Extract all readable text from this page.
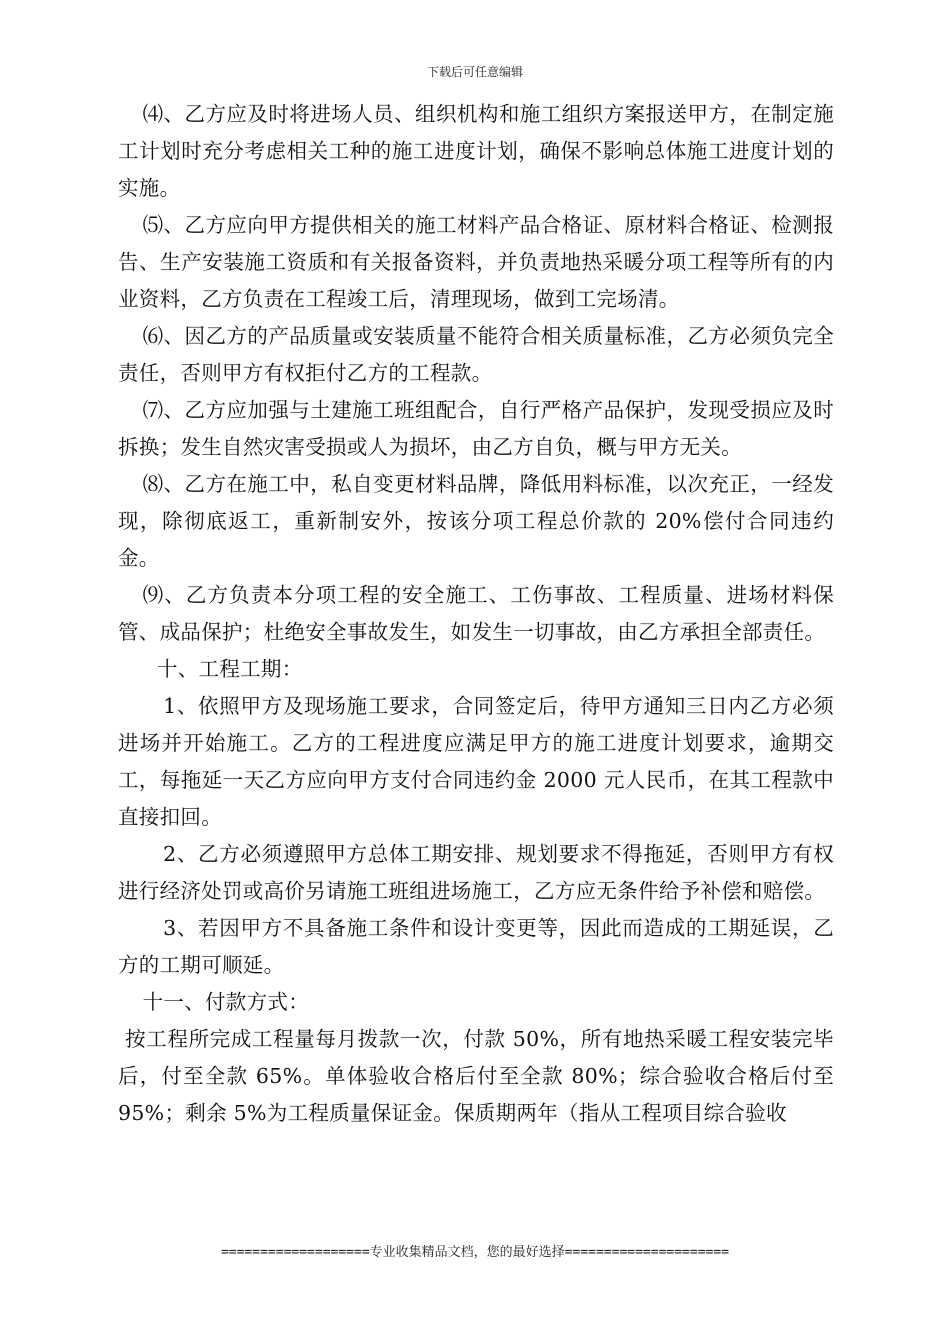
下载后可任意编辑

⑷、乙方应及时将进场人员、组织机构和施工组织方案报送甲方，在制定施工计划时充分考虑相关工种的施工进度计划，确保不影响总体施工进度计划的实施。

⑸、乙方应向甲方提供相关的施工材料产品合格证、原材料合格证、检测报告、生产安装施工资质和有关报备资料，并负责地热采暖分项工程等所有的内业资料，乙方负责在工程竣工后，清理现场，做到工完场清。

⑹、因乙方的产品质量或安装质量不能符合相关质量标准，乙方必须负完全责任，否则甲方有权拒付乙方的工程款。

⑺、乙方应加强与土建施工班组配合，自行严格产品保护，发现受损应及时拆换；发生自然灾害受损或人为损坏，由乙方自负，概与甲方无关。

⑻、乙方在施工中，私自变更材料品牌，降低用料标准，以次充正，一经发现，除彻底返工，重新制安外，按该分项工程总价款的 20%偿付合同违约金。

⑼、乙方负责本分项工程的安全施工、工伤事故、工程质量、进场材料保管、成品保护；杜绝安全事故发生，如发生一切事故，由乙方承担全部责任。

十、工程工期：

1、依照甲方及现场施工要求，合同签定后，待甲方通知三日内乙方必须进场并开始施工。乙方的工程进度应满足甲方的施工进度计划要求，逾期交工，每拖延一天乙方应向甲方支付合同违约金 2000 元人民币，在其工程款中直接扣回。

2、乙方必须遵照甲方总体工期安排、规划要求不得拖延，否则甲方有权进行经济处罚或高价另请施工班组进场施工，乙方应无条件给予补偿和赔偿。

3、若因甲方不具备施工条件和设计变更等，因此而造成的工期延误，乙方的工期可顺延。

十一、付款方式：

按工程所完成工程量每月拨款一次，付款 50%，所有地热采暖工程安装完毕后，付至全款 65%。单体验收合格后付至全款 80%；综合验收合格后付至 95%；剩余 5%为工程质量保证金。保质期两年（指从工程项目综合验收

===================专业收集精品文档，您的最好选择=====================
